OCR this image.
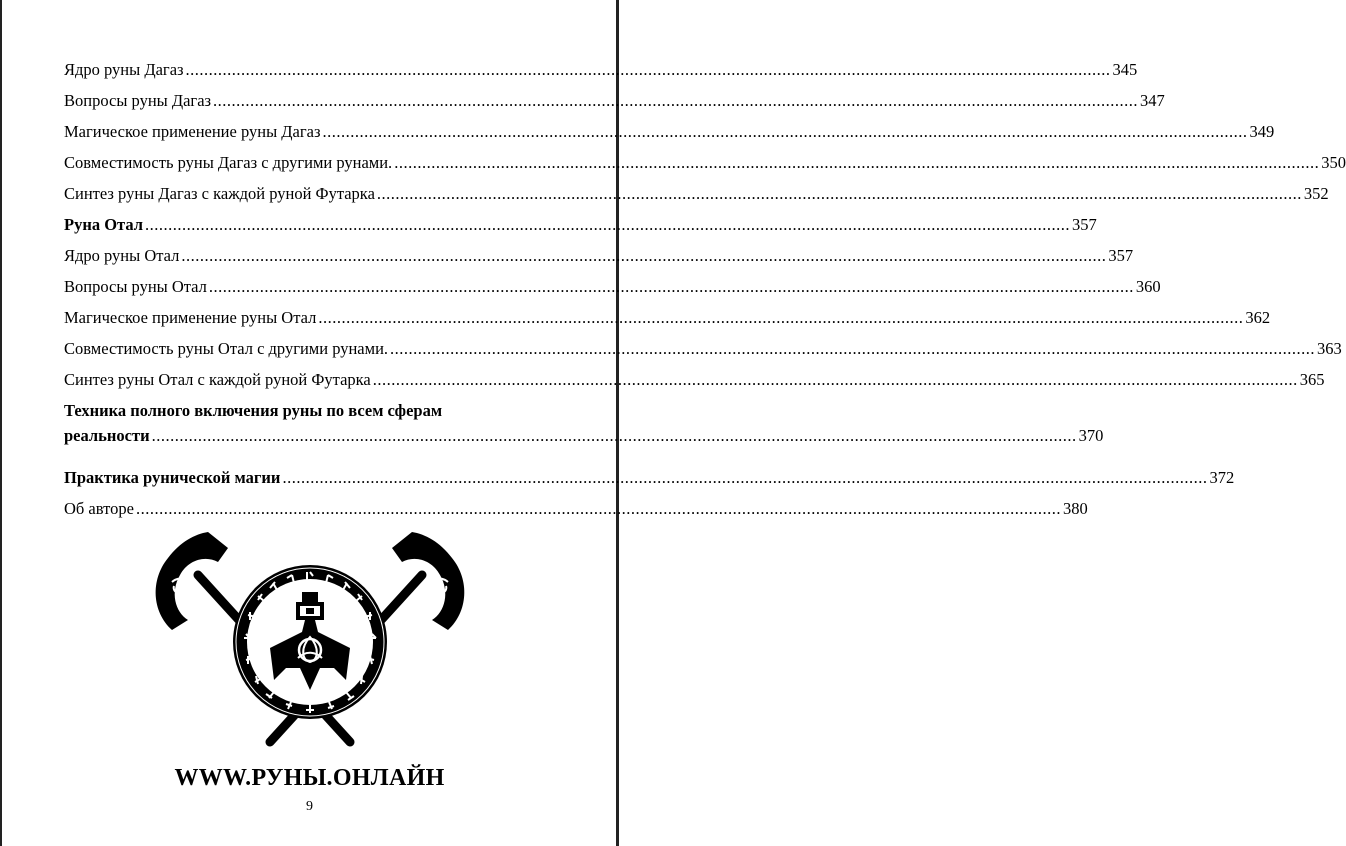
Ядро руны Дагаз ........................................................................................................................................................................................................ 345
Вопросы руны Дагаз ........................................................................................................................................................................................................ 347
Магическое применение руны Дагаз ........................................................................................................................................................................................................ 349
Совместимость руны Дагаз с другими рунами. ........................................................................................................................................................................................................ 350
Синтез руны Дагаз с каждой руной Футарка ........................................................................................................................................................................................................ 352
Руна Отал ........................................................................................................................................................................................................ 357
Ядро руны Отал ........................................................................................................................................................................................................ 357
Вопросы руны Отал ........................................................................................................................................................................................................ 360
Магическое применение руны Отал ........................................................................................................................................................................................................ 362
Совместимость руны Отал с другими рунами. ........................................................................................................................................................................................................ 363
Синтез руны Отал с каждой руной Футарка ........................................................................................................................................................................................................ 365
Техника полного включения руны по всем сферам
реальности ........................................................................................................................................................................................................ 370
Практика рунической магии ........................................................................................................................................................................................................ 372
Об авторе ........................................................................................................................................................................................................ 380
WWW.РУНЫ.ОНЛАЙН
9
